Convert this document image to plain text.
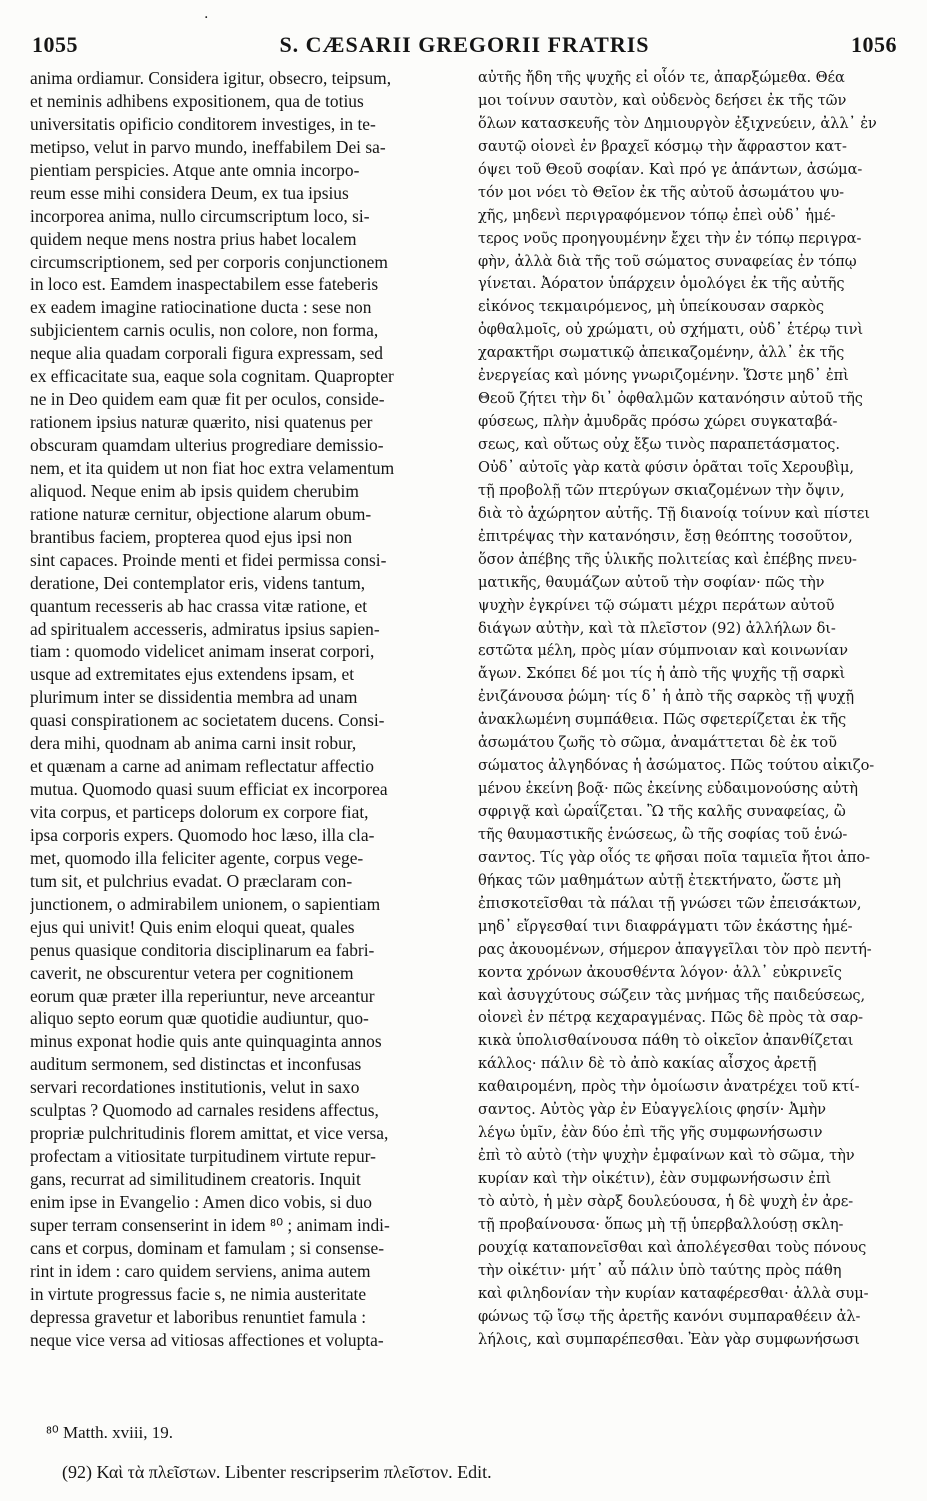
.
1055	S. CÆSARII GREGORII FRATRIS	1056
anima ordiamur. Considera igitur, obsecro, teipsum,
et neminis adhibens expositionem, qua de totius
universitatis opificio conditorem investiges, in te-
metipso, velut in parvo mundo, ineffabilem Dei sa-
pientiam perspicies. Atque ante omnia incorpo-
reum esse mihi considera Deum, ex tua ipsius
incorporea anima, nullo circumscriptum loco, si-
quidem neque mens nostra prius habet localem
circumscriptionem, sed per corporis conjunctionem
in loco est. Eamdem inaspectabilem esse fateberis
ex eadem imagine ratiocinatione ducta : sese non
subjicientem carnis oculis, non colore, non forma,
neque alia quadam corporali figura expressam, sed
ex efficacitate sua, eaque sola cognitam. Quapropter
ne in Deo quidem eam quæ fit per oculos, conside-
rationem ipsius naturæ quærito, nisi quatenus per
obscuram quamdam ulterius progrediare demissio-
nem, et ita quidem ut non fiat hoc extra velamentum
aliquod. Neque enim ab ipsis quidem cherubim
ratione naturæ cernitur, objectione alarum obum-
brantibus faciem, propterea quod ejus ipsi non
sint capaces. Proinde menti et fidei permissa consi-
deratione, Dei contemplator eris, videns tantum,
quantum recesseris ab hac crassa vitæ ratione, et
ad spiritualem accesseris, admiratus ipsius sapien-
tiam : quomodo videlicet animam inserat corpori,
usque ad extremitates ejus extendens ipsam, et
plurimum inter se dissidentia membra ad unam
quasi conspirationem ac societatem ducens. Consi-
dera mihi, quodnam ab anima carni insit robur,
et quænam a carne ad animam reflectatur affectio
mutua. Quomodo quasi suum efficiat ex incorporea
vita corpus, et particeps dolorum ex corpore fiat,
ipsa corporis expers. Quomodo hoc læso, illa cla-
met, quomodo illa feliciter agente, corpus vege-
tum sit, et pulchrius evadat. O præclaram con-
junctionem, o admirabilem unionem, o sapientiam
ejus qui univit! Quis enim eloqui queat, quales
penus quasique conditoria disciplinarum ea fabri-
caverit, ne obscurentur vetera per cognitionem
eorum quæ præter illa reperiuntur, neve arceantur
aliquo septo eorum quæ quotidie audiuntur, quo-
minus exponat hodie quis ante quinquaginta annos
auditum sermonem, sed distinctas et inconfusas
servari recordationes institutionis, velut in saxo
sculptas ? Quomodo ad carnales residens affectus,
propriæ pulchritudinis florem amittat, et vice versa,
profectam a vitiositate turpitudinem virtute repur-
gans, recurrat ad similitudinem creatoris. Inquit
enim ipse in Evangelio : Amen dico vobis, si duo
super terram consenserint in idem ⁸⁰ ; animam indi-
cans et corpus, dominam et famulam ; si consense-
rint in idem : caro quidem serviens, anima autem
in virtute progressus facie s, ne nimia austeritate
depressa gravetur et laboribus renuntiet famula :
neque vice versa ad vitiosas affectiones et volupta-
αὐτῆς ἤδη τῆς ψυχῆς εἰ οἷόν τε, ἀπαρξώμεθα. Θέα
μοι τοίνυν σαυτὸν, καὶ οὐδενὸς δεήσει ἐκ τῆς τῶν
ὅλων κατασκευῆς τὸν Δημιουργὸν ἐξιχνεύειν, ἀλλ᾽ ἐν
σαυτῷ οἱονεὶ ἐν βραχεῖ κόσμῳ τὴν ἄφραστον κατ-
όψει τοῦ Θεοῦ σοφίαν. Καὶ πρό γε ἁπάντων, ἀσώμα-
τόν μοι νόει τὸ Θεῖον ἐκ τῆς αὐτοῦ ἀσωμάτου ψυ-
χῆς, μηδενὶ περιγραφόμενον τόπῳ ἐπεὶ οὐδ᾽ ἡμέ-
τερος νοῦς προηγουμένην ἔχει τὴν ἐν τόπῳ περιγρα-
φὴν, ἀλλὰ διὰ τῆς τοῦ σώματος συναφείας ἐν τόπῳ
γίνεται. Ἀόρατον ὑπάρχειν ὁμολόγει ἐκ τῆς αὐτῆς
εἰκόνος τεκμαιρόμενος, μὴ ὑπείκουσαν σαρκὸς
ὀφθαλμοῖς, οὐ χρώματι, οὐ σχήματι, οὐδ᾽ ἑτέρῳ τινὶ
χαρακτῆρι σωματικῷ ἀπεικαζομένην, ἀλλ᾽ ἐκ τῆς
ἐνεργείας καὶ μόνης γνωριζομένην. Ὥστε μηδ᾽ ἐπὶ
Θεοῦ ζήτει τὴν δι᾽ ὀφθαλμῶν κατανόησιν αὐτοῦ τῆς
φύσεως, πλὴν ἀμυδρᾶς πρόσω χώρει συγκαταβά-
σεως, καὶ οὕτως οὐχ ἔξω τινὸς παραπετάσματος.
Οὐδ᾽ αὐτοῖς γὰρ κατὰ φύσιν ὁρᾶται τοῖς Χερουβὶμ,
τῇ προβολῇ τῶν πτερύγων σκιαζομένων τὴν ὄψιν,
διὰ τὸ ἀχώρητον αὐτῆς. Τῇ διανοίᾳ τοίνυν καὶ πίστει
ἐπιτρέψας τὴν κατανόησιν, ἔσῃ θεόπτης τοσοῦτον,
ὅσον ἀπέβης τῆς ὑλικῆς πολιτείας καὶ ἐπέβης πνευ-
ματικῆς, θαυμάζων αὐτοῦ τὴν σοφίαν· πῶς τὴν
ψυχὴν ἐγκρίνει τῷ σώματι μέχρι περάτων αὐτοῦ
διάγων αὐτὴν, καὶ τὰ πλεῖστον (92) ἀλλήλων δι-
εστῶτα μέλη, πρὸς μίαν σύμπνοιαν καὶ κοινωνίαν
ἄγων. Σκόπει δέ μοι τίς ἡ ἀπὸ τῆς ψυχῆς τῇ σαρκὶ
ἐνιζάνουσα ῥώμη· τίς δ᾽ ἡ ἀπὸ τῆς σαρκὸς τῇ ψυχῇ
ἀνακλωμένη συμπάθεια. Πῶς σφετερίζεται ἐκ τῆς
ἀσωμάτου ζωῆς τὸ σῶμα, ἀναμάττεται δὲ ἐκ τοῦ
σώματος ἀλγηδόνας ἡ ἀσώματος. Πῶς τούτου αἰκιζο-
μένου ἐκείνη βοᾷ· πῶς ἐκείνης εὐδαιμονούσης αὐτὴ
σφριγᾷ καὶ ὡραΐζεται. Ὢ τῆς καλῆς συναφείας, ὢ
τῆς θαυμαστικῆς ἑνώσεως, ὢ τῆς σοφίας τοῦ ἑνώ-
σαντος. Τίς γὰρ οἷός τε φῆσαι ποῖα ταμιεῖα ἤτοι ἀπο-
θήκας τῶν μαθημάτων αὐτῇ ἐτεκτήνατο, ὥστε μὴ
ἐπισκοτεῖσθαι τὰ πάλαι τῇ γνώσει τῶν ἐπεισάκτων,
μηδ᾽ εἴργεσθαί τινι διαφράγματι τῶν ἑκάστης ἡμέ-
ρας ἀκουομένων, σήμερον ἀπαγγεῖλαι τὸν πρὸ πεντή-
κοντα χρόνων ἀκουσθέντα λόγον· ἀλλ᾽ εὐκρινεῖς
καὶ ἀσυγχύτους σώζειν τὰς μνήμας τῆς παιδεύσεως,
οἱονεὶ ἐν πέτρᾳ κεχαραγμένας. Πῶς δὲ πρὸς τὰ σαρ-
κικὰ ὑπολισθαίνουσα πάθη τὸ οἰκεῖον ἀπανθίζεται
κάλλος· πάλιν δὲ τὸ ἀπὸ κακίας αἶσχος ἀρετῇ
καθαιρομένη, πρὸς τὴν ὁμοίωσιν ἀνατρέχει τοῦ κτί-
σαντος. Αὐτὸς γὰρ ἐν Εὐαγγελίοις φησίν· Ἀμὴν
λέγω ὑμῖν, ἐὰν δύο ἐπὶ τῆς γῆς συμφωνήσωσιν
ἐπὶ τὸ αὐτὸ (τὴν ψυχὴν ἐμφαίνων καὶ τὸ σῶμα, τὴν
κυρίαν καὶ τὴν οἰκέτιν), ἐὰν συμφωνήσωσιν ἐπὶ
τὸ αὐτὸ, ἡ μὲν σὰρξ δουλεύουσα, ἡ δὲ ψυχὴ ἐν ἀρε-
τῇ προβαίνουσα· ὅπως μὴ τῇ ὑπερβαλλούσῃ σκλη-
ρουχίᾳ καταπονεῖσθαι καὶ ἀπολέγεσθαι τοὺς πόνους
τὴν οἰκέτιν· μήτ᾽ αὖ πάλιν ὑπὸ ταύτης πρὸς πάθη
καὶ φιληδονίαν τὴν κυρίαν καταφέρεσθαι· ἀλλὰ συμ-
φώνως τῷ ἴσῳ τῆς ἀρετῆς κανόνι συμπαραθέειν ἀλ-
λήλοις, καὶ συμπαρέπεσθαι. Ἐὰν γὰρ συμφωνήσωσι
⁸⁰ Matth. xviii, 19.
(92) Καὶ τὰ πλεῖστων. Libenter rescripserim πλεῖστον. Edit.
